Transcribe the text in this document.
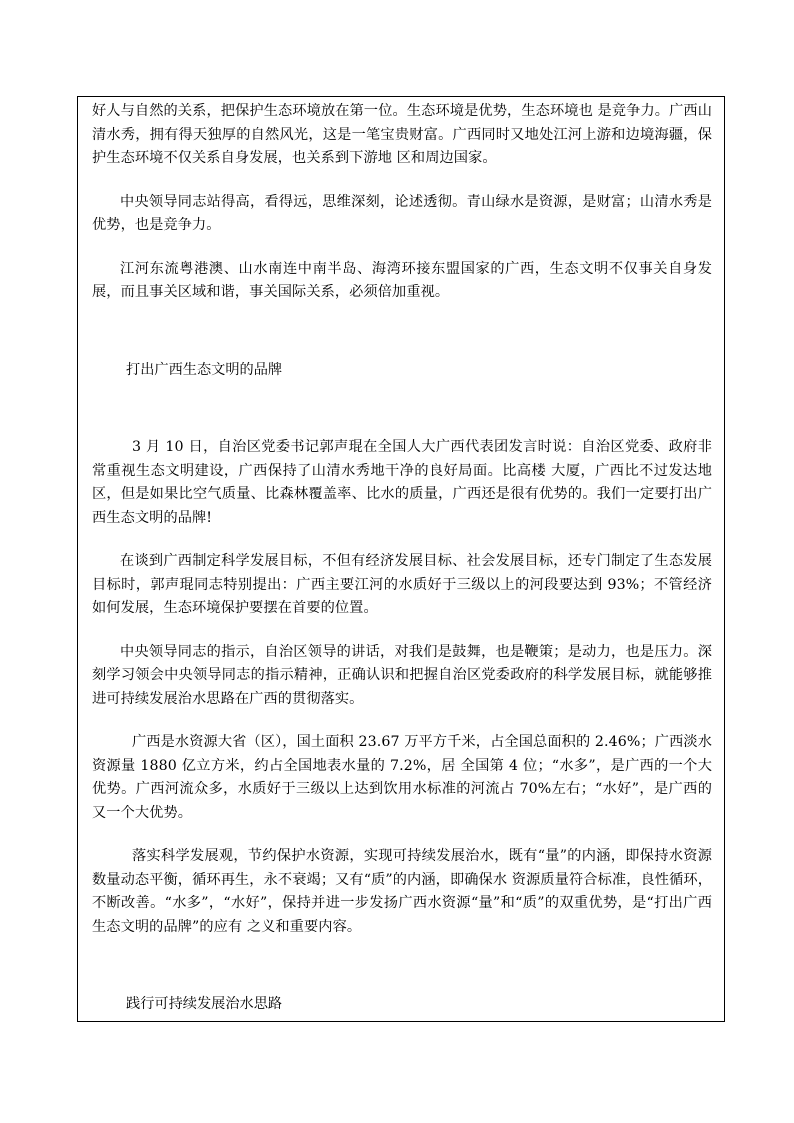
好人与自然的关系，把保护生态环境放在第一位。生态环境是优势，生态环境也 是竞争力。广西山清水秀，拥有得天独厚的自然风光，这是一笔宝贵财富。广西同时又地处江河上游和边境海疆，保护生态环境不仅关系自身发展，也关系到下游地 区和周边国家。

中央领导同志站得高，看得远，思维深刻，论述透彻。青山绿水是资源，是财富；山清水秀是优势，也是竞争力。

江河东流粤港澳、山水南连中南半岛、海湾环接东盟国家的广西，生态文明不仅事关自身发展，而且事关区域和谐，事关国际关系，必须倍加重视。

打出广西生态文明的品牌

3 月 10 日，自治区党委书记郭声琨在全国人大广西代表团发言时说：自治区党委、政府非常重视生态文明建设，广西保持了山清水秀地干净的良好局面。比高楼 大厦，广西比不过发达地区，但是如果比空气质量、比森林覆盖率、比水的质量，广西还是很有优势的。我们一定要打出广西生态文明的品牌!

在谈到广西制定科学发展目标，不但有经济发展目标、社会发展目标，还专门制定了生态发展目标时，郭声琨同志特别提出：广西主要江河的水质好于三级以上的河段要达到 93%；不管经济如何发展，生态环境保护要摆在首要的位置。

中央领导同志的指示，自治区领导的讲话，对我们是鼓舞，也是鞭策；是动力，也是压力。深刻学习领会中央领导同志的指示精神，正确认识和把握自治区党委政府的科学发展目标，就能够推进可持续发展治水思路在广西的贯彻落实。

广西是水资源大省（区），国土面积 23.67 万平方千米，占全国总面积的 2.46%；广西淡水资源量 1880 亿立方米，约占全国地表水量的 7.2%，居 全国第 4 位；“水多”，是广西的一个大优势。广西河流众多，水质好于三级以上达到饮用水标准的河流占 70%左右；“水好”，是广西的又一个大优势。

落实科学发展观，节约保护水资源，实现可持续发展治水，既有“量”的内涵，即保持水资源数量动态平衡，循环再生，永不衰竭；又有“质”的内涵，即确保水 资源质量符合标准，良性循环，不断改善。“水多”，“水好”，保持并进一步发扬广西水资源“量”和“质”的双重优势，是“打出广西生态文明的品牌”的应有 之义和重要内容。

践行可持续发展治水思路
